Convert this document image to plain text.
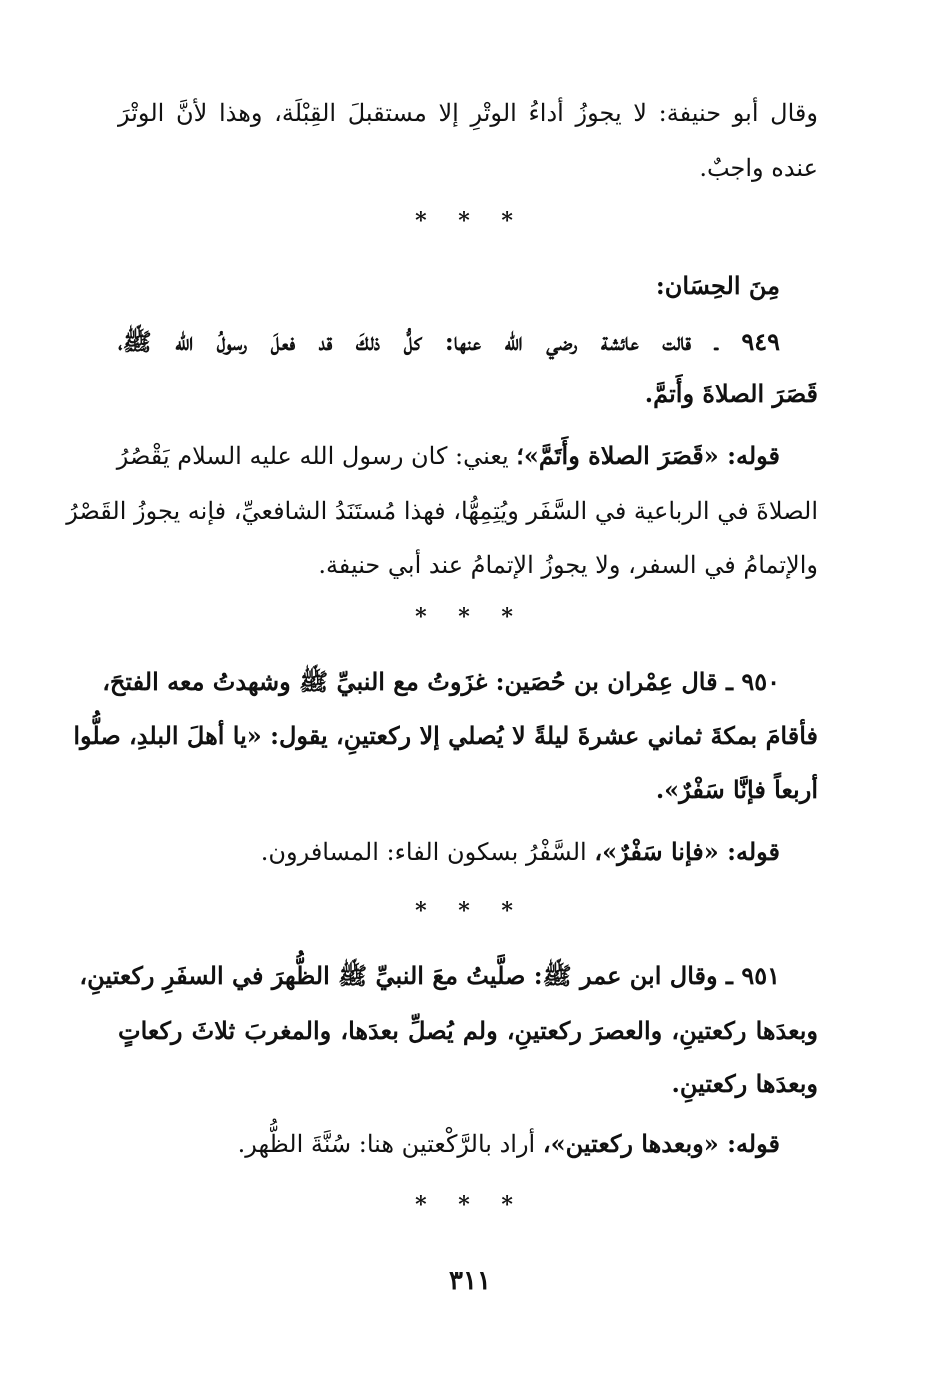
وقال أبو حنيفة: لا يجوزُ أداءُ الوتْرِ إلا مستقبلَ القِبْلَة، وهذا لأنَّ الوتْرَ
عنده واجبٌ.
* * *
مِنَ الحِسَان:
٩٤٩ ـ قالت عائشة رضي الله عنها: كلُّ ذلكَ قد فعلَ رسولُ الله ﷺ،
قَصَرَ الصلاةَ وأَتمَّ.
قوله: «قَصَرَ الصلاة وأَتَمَّ»؛ يعني: كان رسول الله عليه السلام يَقْصُرُ
الصلاةَ في الرباعية في السَّفَر ويُتِمِهُّا، فهذا مُستَنَدُ الشافعيِّ، فإنه يجوزُ القَصْرُ
والإتمامُ في السفر، ولا يجوزُ الإتمامُ عند أبي حنيفة.
* * *
٩٥٠ ـ قال عِمْران بن حُصَين: غزَوتُ مع النبيِّ ﷺ وشهدتُ معه الفتحَ،
فأقامَ بمكةَ ثماني عشرةَ ليلةً لا يُصلي إلا ركعتينِ، يقول: «يا أهلَ البلدِ، صلُّوا
أربعاً فإنَّا سَفْرٌ».
قوله: «فإنا سَفْرٌ»، السَّفْرُ بسكون الفاء: المسافرون.
* * *
٩٥١ ـ وقال ابن عمر ﷺ: صلَّيتُ معَ النبيِّ ﷺ الظُّهرَ في السفَرِ ركعتينِ،
وبعدَها ركعتينِ، والعصرَ ركعتينِ، ولم يُصلِّ بعدَها، والمغربَ ثلاثَ ركعاتٍ
وبعدَها ركعتينِ.
قوله: «وبعدها ركعتين»، أراد بالرَّكْعتين هنا: سُنَّةَ الظُّهر.
* * *
٣١١
